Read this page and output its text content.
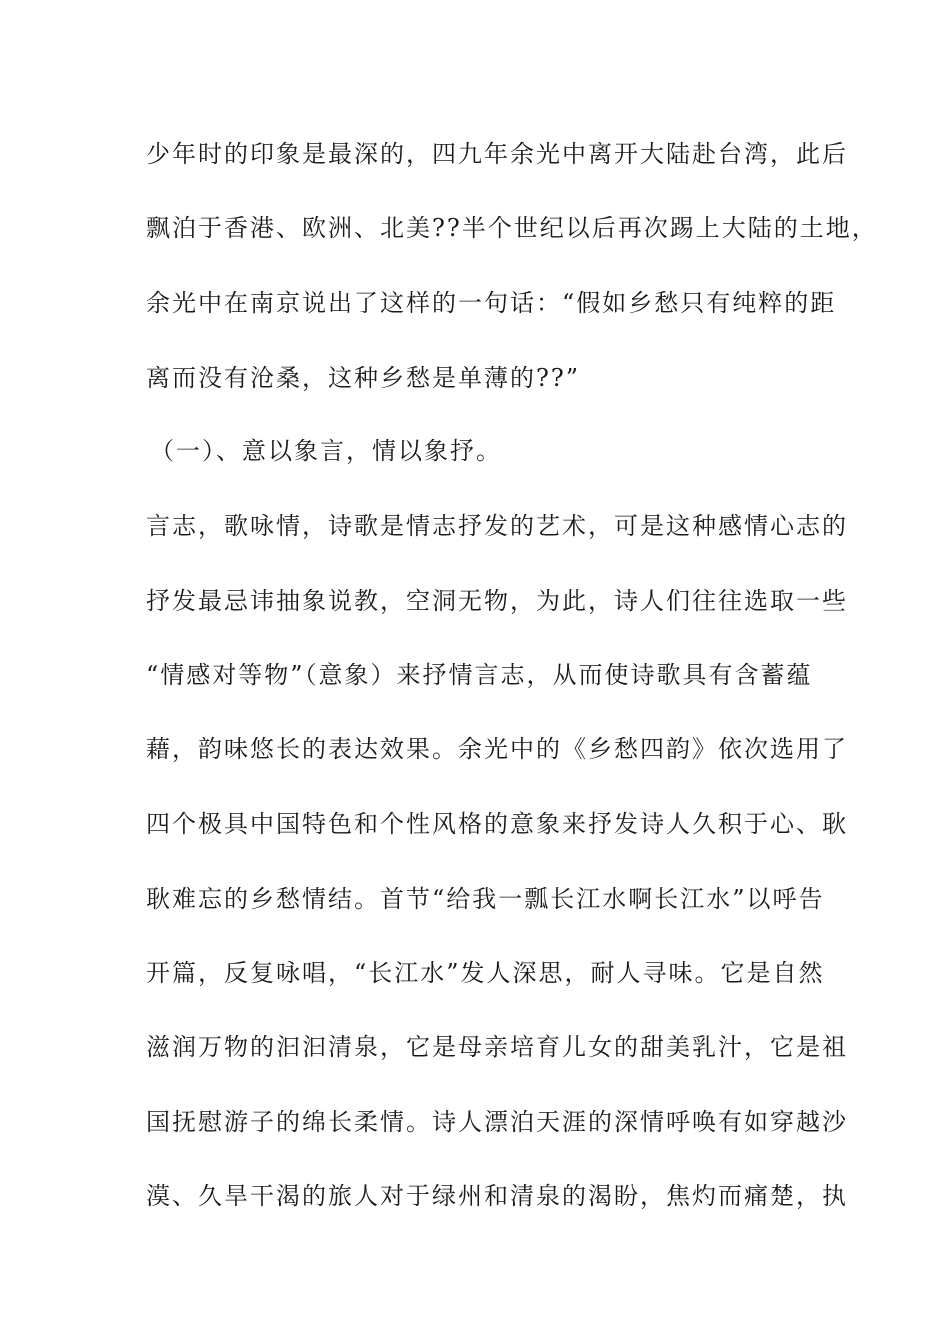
少年时的印象是最深的，四九年余光中离开大陆赴台湾，此后
飘泊于香港、欧洲、北美??半个世纪以后再次踢上大陆的土地，
余光中在南京说出了这样的一句话：“假如乡愁只有纯粹的距
离而没有沧桑，这种乡愁是单薄的??”
（一）、意以象言，情以象抒。
言志，歌咏情，诗歌是情志抒发的艺术，可是这种感情心志的
抒发最忌讳抽象说教，空洞无物，为此，诗人们往往选取一些
“情感对等物”（意象）来抒情言志，从而使诗歌具有含蓄蕴
藉，韵味悠长的表达效果。余光中的《乡愁四韵》依次选用了
四个极具中国特色和个性风格的意象来抒发诗人久积于心、耿
耿难忘的乡愁情结。首节“给我一瓢长江水啊长江水”以呼告
开篇，反复咏唱，“长江水”发人深思，耐人寻味。它是自然
滋润万物的汩汩清泉，它是母亲培育儿女的甜美乳汁，它是祖
国抚慰游子的绵长柔情。诗人漂泊天涯的深情呼唤有如穿越沙
漠、久旱干渴的旅人对于绿州和清泉的渴盼，焦灼而痛楚，执
